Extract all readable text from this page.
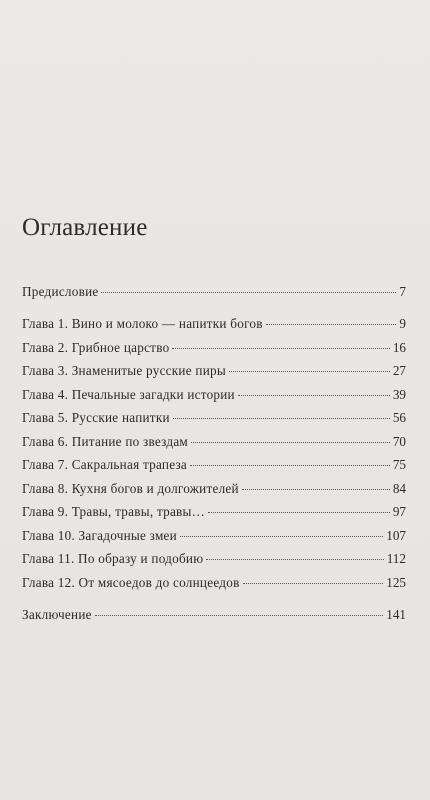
Оглавление
Предисловие	7
Глава 1. Вино и молоко — напитки богов	9
Глава 2. Грибное царство	16
Глава 3. Знаменитые русские пиры	27
Глава 4. Печальные загадки истории	39
Глава 5. Русские напитки	56
Глава 6. Питание по звездам	70
Глава 7. Сакральная трапеза	75
Глава 8. Кухня богов и долгожителей	84
Глава 9. Травы, травы, травы…	97
Глава 10. Загадочные змеи	107
Глава 11. По образу и подобию	112
Глава 12. От мясоедов до солнцеедов	125
Заключение	141
